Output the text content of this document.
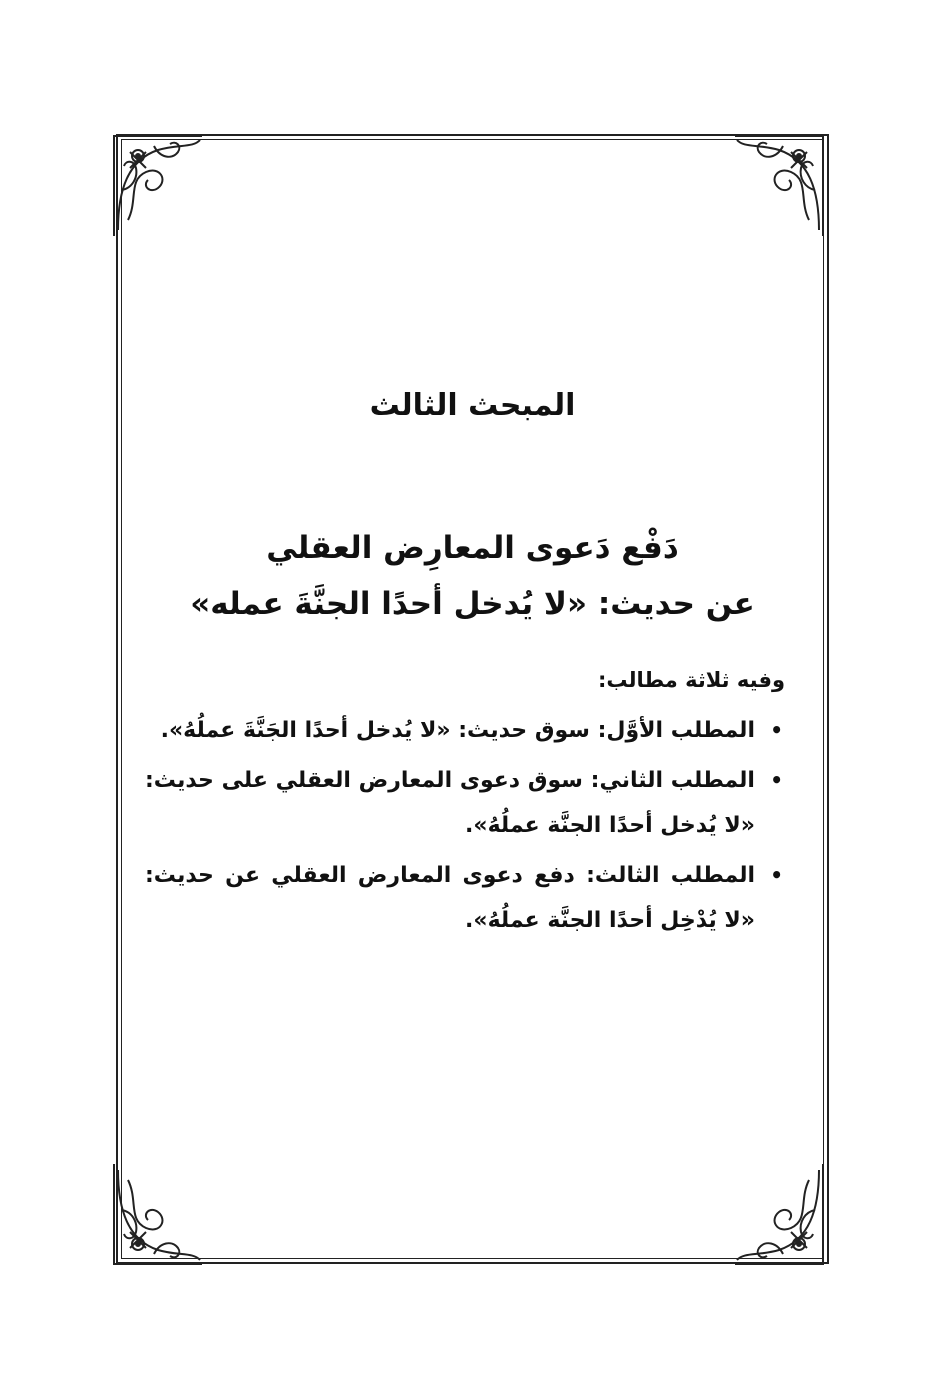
المبحث الثالث
دَفْع دَعوى المعارِض العقلي
عن حديث: «لا يُدخل أحدًا الجنَّةَ عمله»
وفيه ثلاثة مطالب:
•
المطلب الأوَّل: سوق حديث: «لا يُدخل أحدًا الجَنَّةَ عملُهُ».
•
المطلب الثاني: سوق دعوى المعارض العقلي على حديث: «لا يُدخل أحدًا الجنَّة عملُهُ».
•
المطلب الثالث: دفع دعوى المعارض العقلي عن حديث: «لا يُدْخِل أحدًا الجنَّة عملُهُ».
